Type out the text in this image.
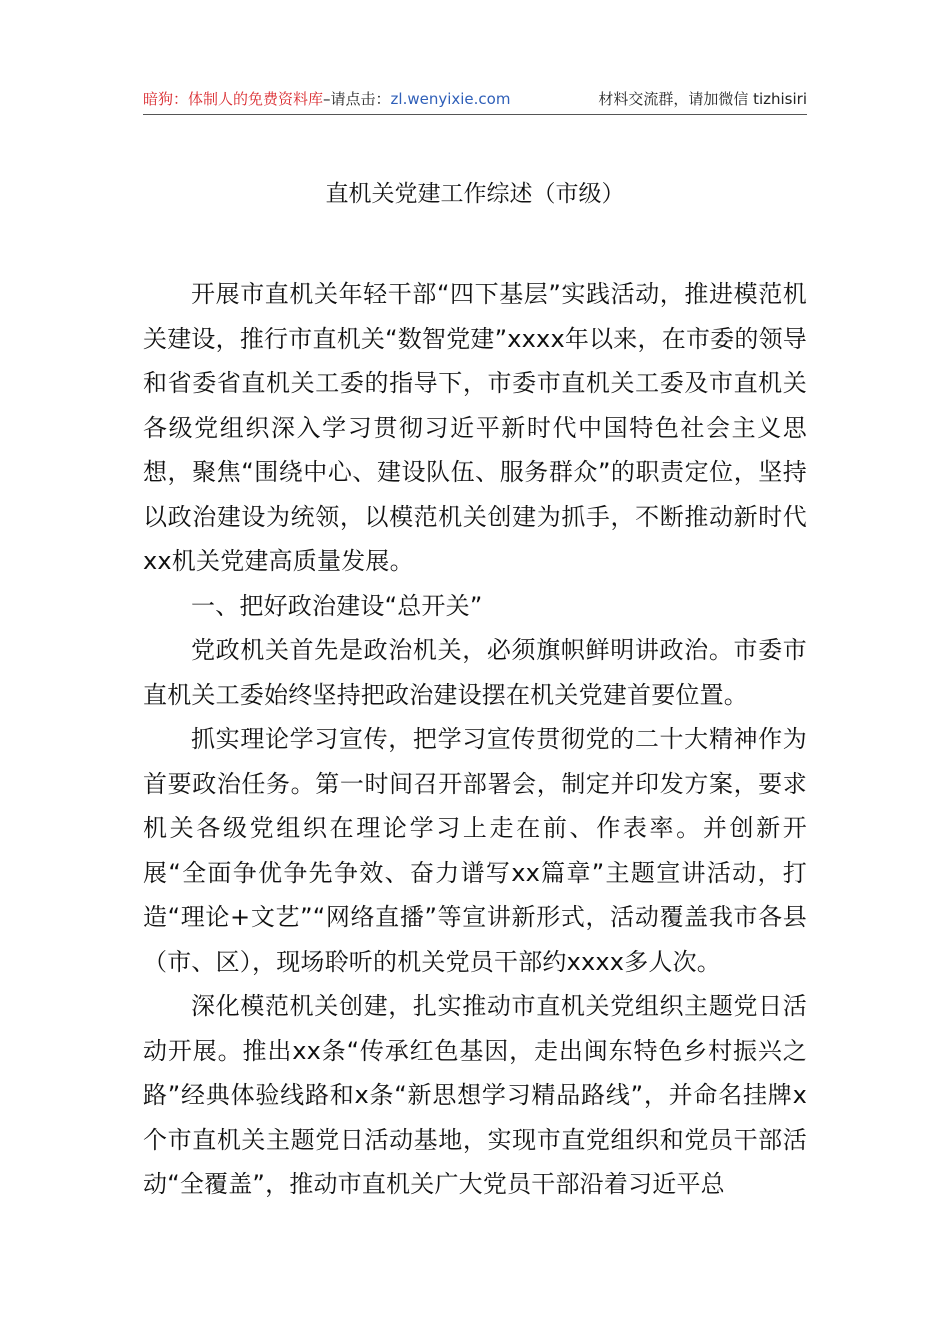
暗狗：体制人的免费资料库–请点击：zl.wenyixie.com	材料交流群，请加微信 tizhisiri
直机关党建工作综述（市级）

开展市直机关年轻干部“四下基层”实践活动，推进模范机关建设，推行市直机关“数智党建”xxxx年以来，在市委的领导和省委省直机关工委的指导下，市委市直机关工委及市直机关各级党组织深入学习贯彻习近平新时代中国特色社会主义思想，聚焦“围绕中心、建设队伍、服务群众”的职责定位，坚持以政治建设为统领，以模范机关创建为抓手，不断推动新时代xx机关党建高质量发展。

一、把好政治建设“总开关”

党政机关首先是政治机关，必须旗帜鲜明讲政治。市委市直机关工委始终坚持把政治建设摆在机关党建首要位置。

抓实理论学习宣传，把学习宣传贯彻党的二十大精神作为首要政治任务。第一时间召开部署会，制定并印发方案，要求机关各级党组织在理论学习上走在前、作表率。并创新开展“全面争优争先争效、奋力谱写xx篇章”主题宣讲活动，打造“理论+文艺”“网络直播”等宣讲新形式，活动覆盖我市各县（市、区），现场聆听的机关党员干部约xxxx多人次。

深化模范机关创建，扎实推动市直机关党组织主题党日活动开展。推出xx条“传承红色基因，走出闽东特色乡村振兴之路”经典体验线路和x条“新思想学习精品路线”，并命名挂牌x个市直机关主题党日活动基地，实现市直党组织和党员干部活动“全覆盖”，推动市直机关广大党员干部沿着习近平总
